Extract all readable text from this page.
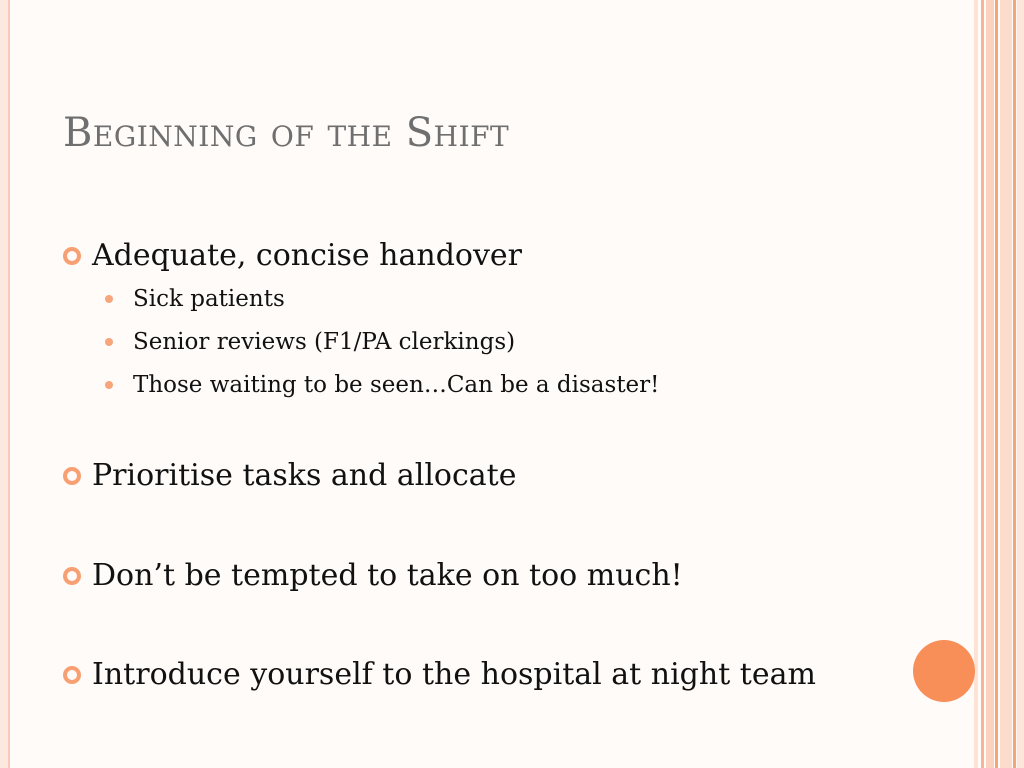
Beginning of the Shift
Adequate, concise handover
Sick patients
Senior reviews (F1/PA clerkings)
Those waiting to be seen…Can be a disaster!
Prioritise tasks and allocate
Don’t be tempted to take on too much!
Introduce yourself to the hospital at night team
